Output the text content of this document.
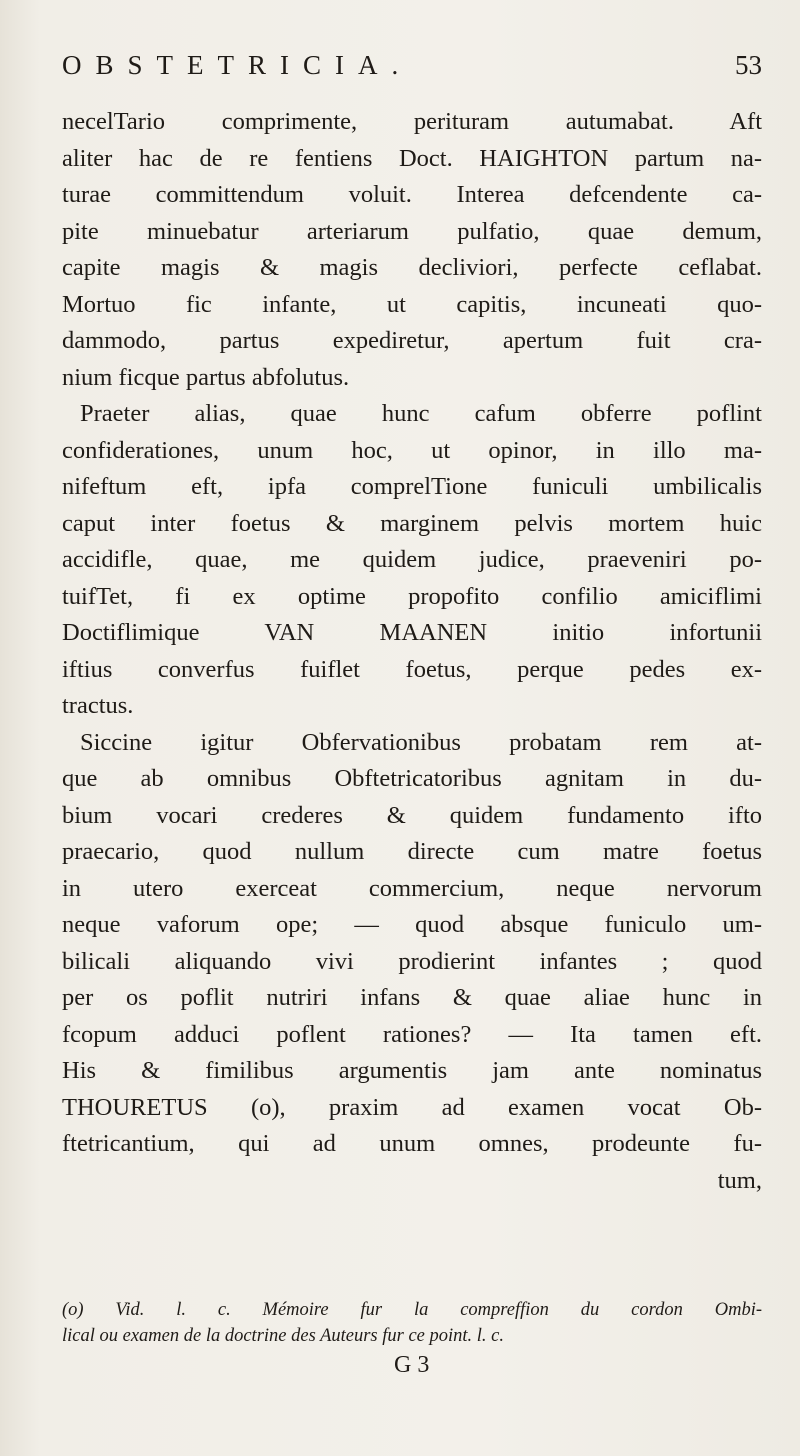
OBSTETRICIA.	53
necelTario comprimente, perituram autumabat. Aft
aliter hac de re fentiens Doct. HAIGHTON partum na-
turae committendum voluit. Interea defcendente ca-
pite minuebatur arteriarum pulfatio, quae demum,
capite magis & magis decliviori, perfecte ceflabat.
Mortuo fic infante, ut capitis, incuneati quo-
dammodo, partus expediretur, apertum fuit cra-
nium ficque partus abfolutus.
Praeter alias, quae hunc cafum obferre poflint
confiderationes, unum hoc, ut opinor, in illo ma-
nifeftum eft, ipfa comprelTione funiculi umbilicalis
caput inter foetus & marginem pelvis mortem huic
accidifle, quae, me quidem judice, praeveniri po-
tuifTet, fi ex optime propofito confilio amiciflimi
Doctiflimique VAN MAANEN initio infortunii
iftius converfus fuiflet foetus, perque pedes ex-
tractus.
Siccine igitur Obfervationibus probatam rem at-
que ab omnibus Obftetricatoribus agnitam in du-
bium vocari crederes & quidem fundamento ifto
praecario, quod nullum directe cum matre foetus
in utero exerceat commercium, neque nervorum
neque vaforum ope; — quod absque funiculo um-
bilicali aliquando vivi prodierint infantes ; quod
per os poflit nutriri infans & quae aliae hunc in
fcopum adduci poflent rationes? — Ita tamen eft.
His & fimilibus argumentis jam ante nominatus
THOURETUS (o), praxim ad examen vocat Ob-
ftetricantium, qui ad unum omnes, prodeunte fu-
tum,
(o) Vid. l. c. Mémoire fur la compreffion du cordon Ombi-
lical ou examen de la doctrine des Auteurs fur ce point. l. c.
G 3
